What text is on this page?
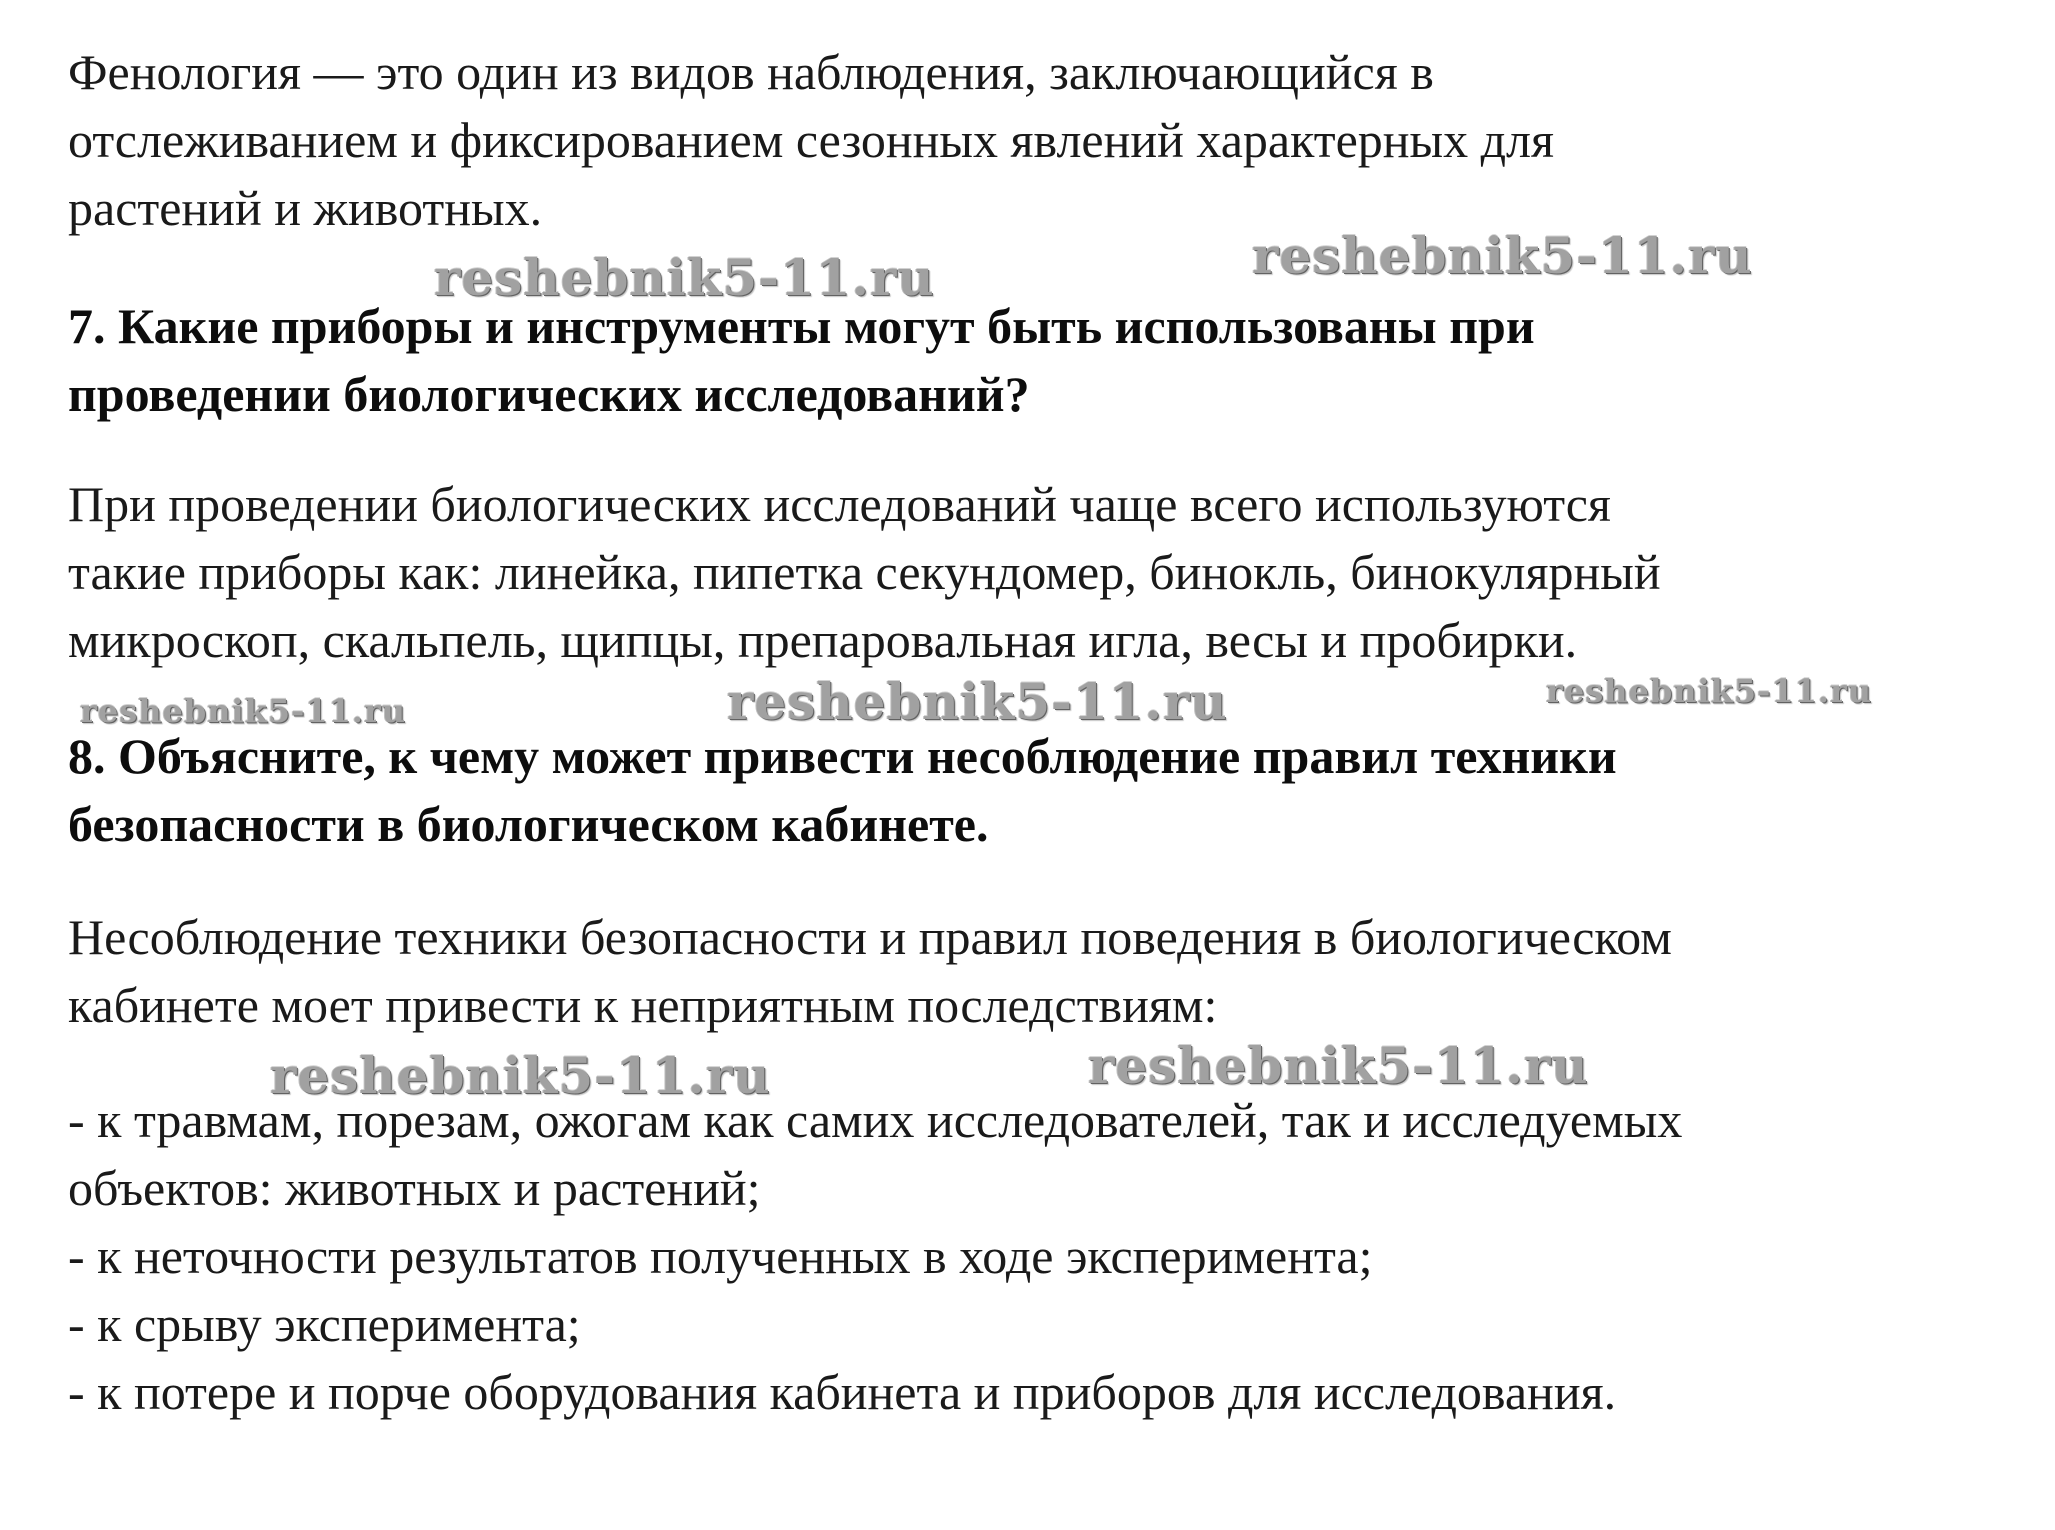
Фенология — это один из видов наблюдения, заключающийся в
отслеживанием и фиксированием сезонных явлений характерных для
растений и животных.

reshebnik5-11.ru	reshebnik5-11.ru
7. Какие приборы и инструменты могут быть использованы при
проведении биологических исследований?

При проведении биологических исследований чаще всего используются
такие приборы как: линейка, пипетка секундомер, бинокль, бинокулярный
микроскоп, скальпель, щипцы, препаровальная игла, весы и пробирки.

reshebnik5-11.ru	reshebnik5-11.ru	reshebnik5-11.ru
8. Объясните, к чему может привести несоблюдение правил техники
безопасности в биологическом кабинете.

Несоблюдение техники безопасности и правил поведения в биологическом
кабинете моет привести к неприятным последствиям:

reshebnik5-11.ru	reshebnik5-11.ru

- к травмам, порезам, ожогам как самих исследователей, так и исследуемых
объектов: животных и растений;
- к неточности результатов полученных в ходе эксперимента;
- к срыву эксперимента;
- к потере и порче оборудования кабинета и приборов для исследования.
